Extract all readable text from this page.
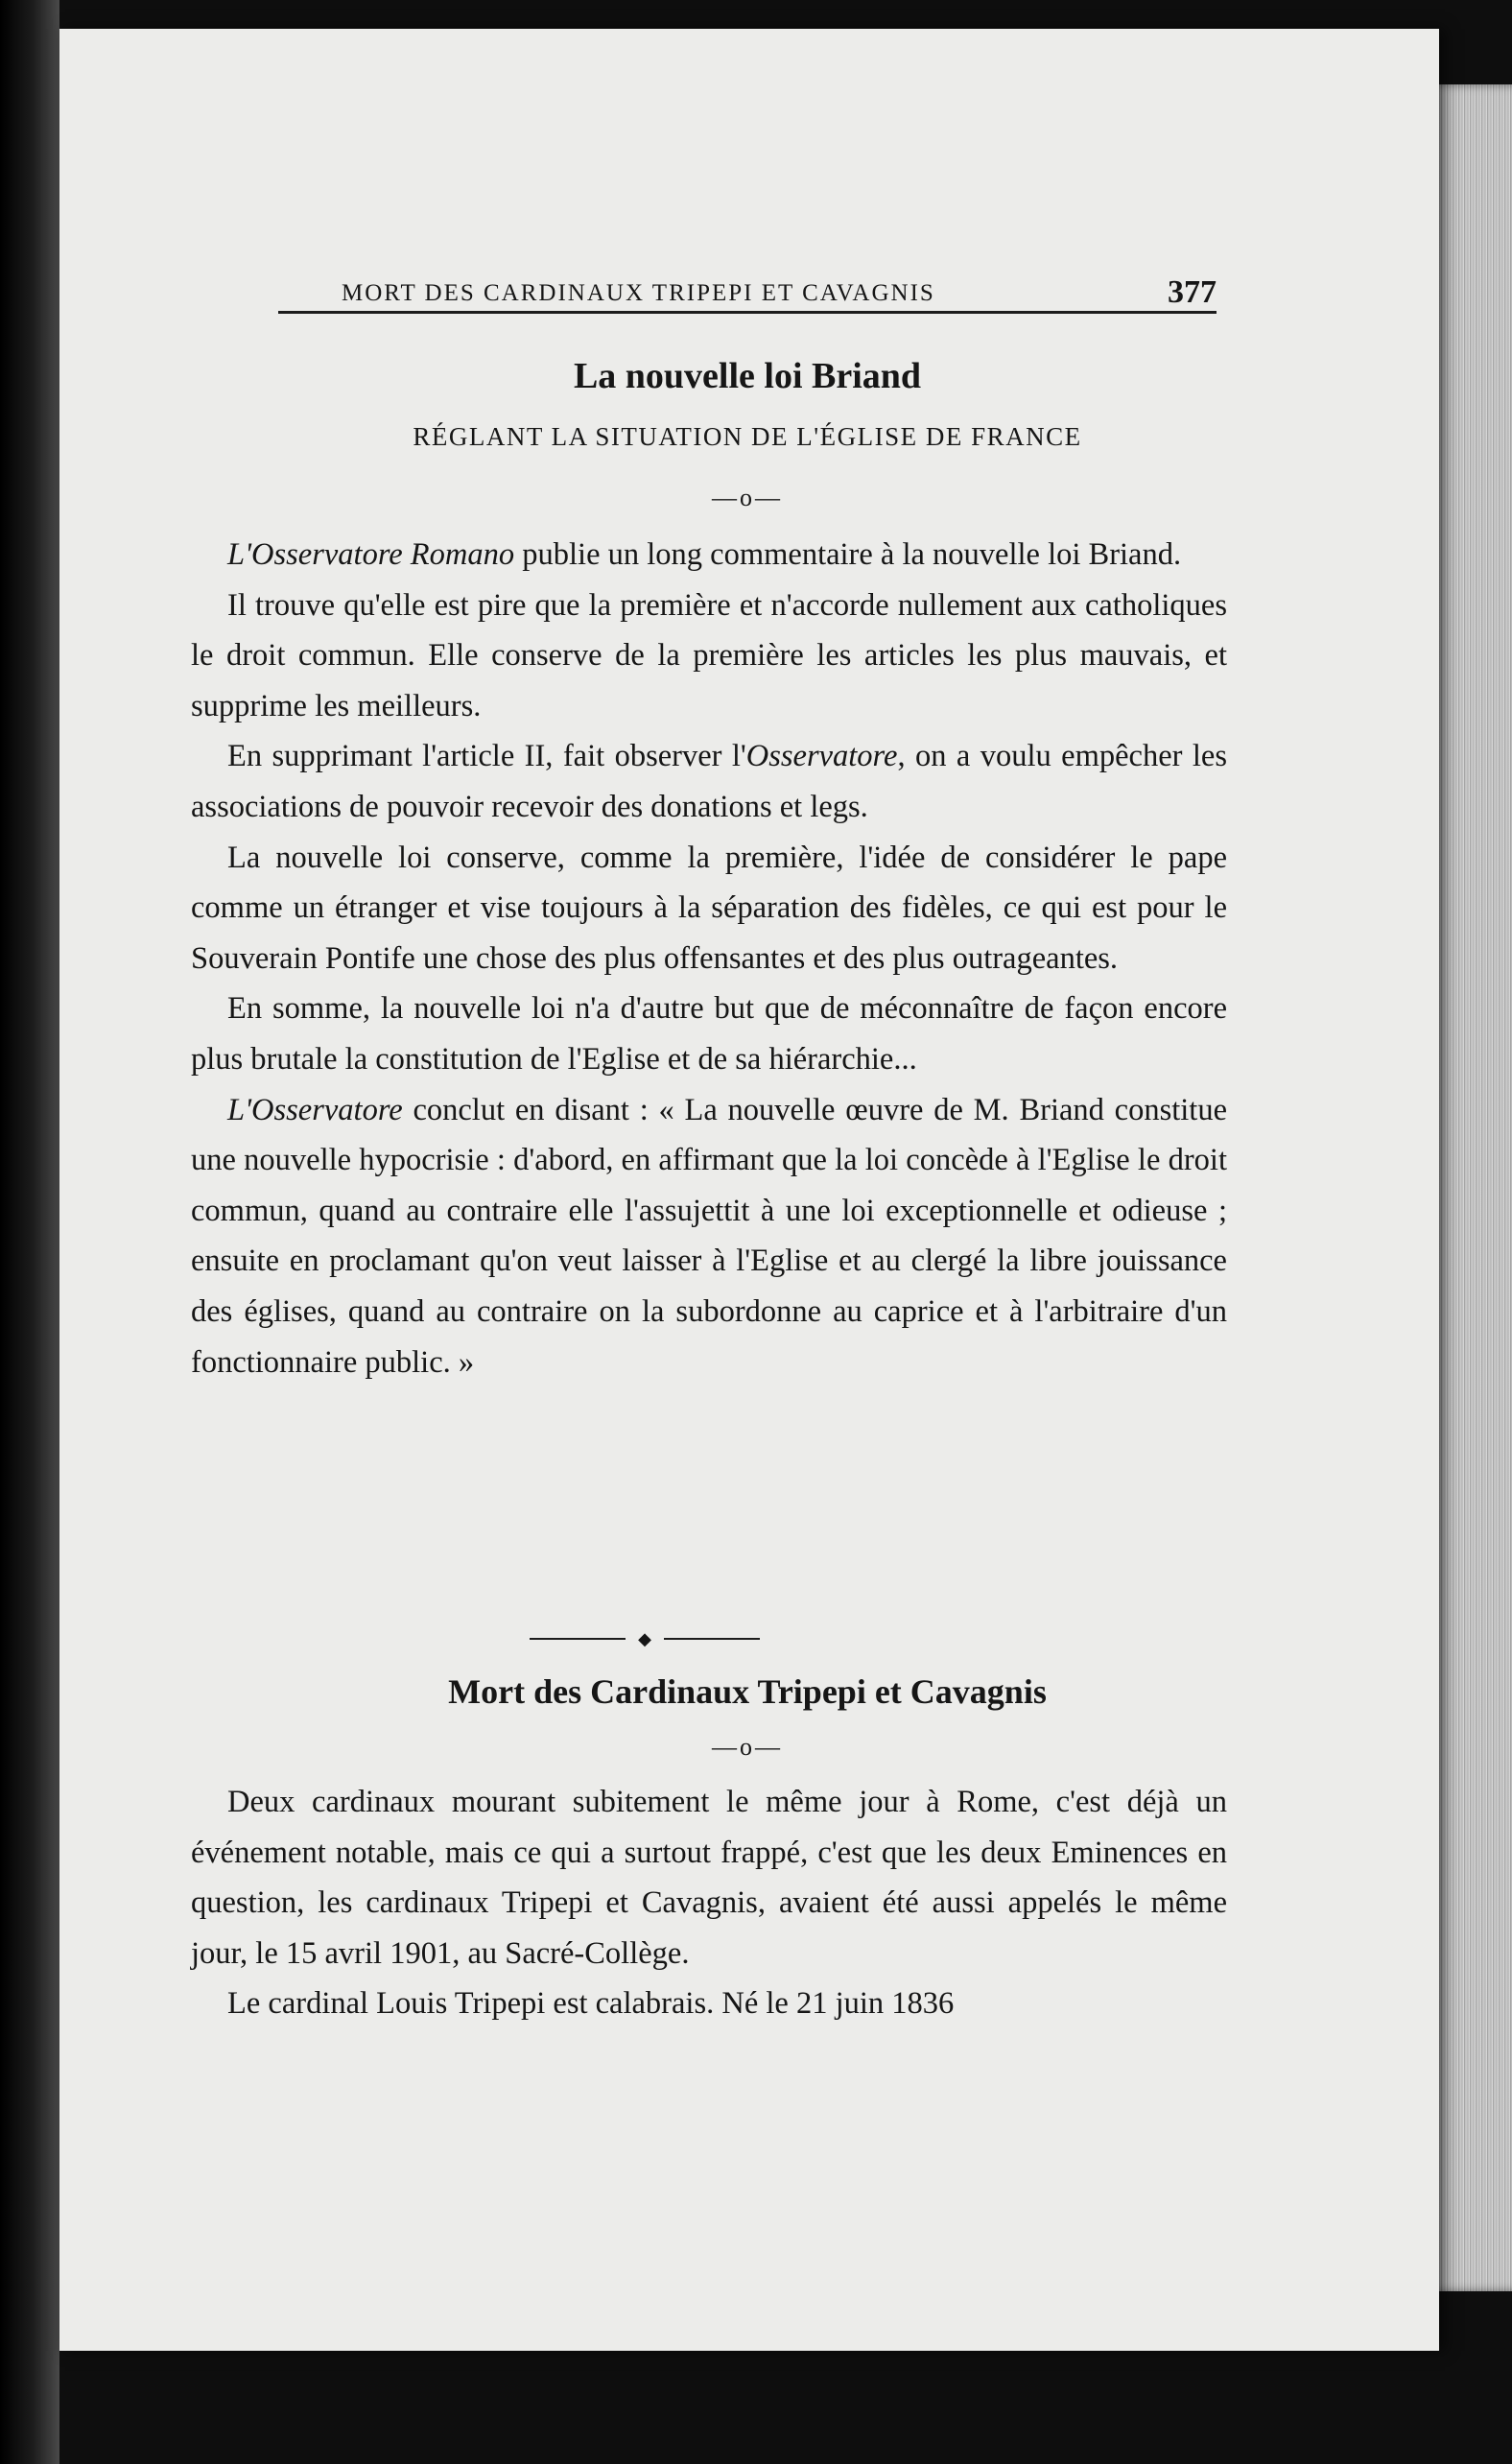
MORT DES CARDINAUX TRIPEPI ET CAVAGNIS	377
La nouvelle loi Briand
RÉGLANT LA SITUATION DE L'ÉGLISE DE FRANCE
—o—

L'Osservatore Romano publie un long commentaire à la nouvelle loi Briand.

Il trouve qu'elle est pire que la première et n'accorde nullement aux catholiques le droit commun. Elle conserve de la première les articles les plus mauvais, et supprime les meilleurs.

En supprimant l'article II, fait observer l'Osservatore, on a voulu empêcher les associations de pouvoir recevoir des donations et legs.

La nouvelle loi conserve, comme la première, l'idée de considérer le pape comme un étranger et vise toujours à la séparation des fidèles, ce qui est pour le Souverain Pontife une chose des plus offensantes et des plus outrageantes.

En somme, la nouvelle loi n'a d'autre but que de méconnaître de façon encore plus brutale la constitution de l'Eglise et de sa hiérarchie...

L'Osservatore conclut en disant : « La nouvelle œuvre de M. Briand constitue une nouvelle hypocrisie : d'abord, en affirmant que la loi concède à l'Eglise le droit commun, quand au contraire elle l'assujettit à une loi exceptionnelle et odieuse ; ensuite en proclamant qu'on veut laisser à l'Eglise et au clergé la libre jouissance des églises, quand au contraire on la subordonne au caprice et à l'arbitraire d'un fonctionnaire public. »

◆
Mort des Cardinaux Tripepi et Cavagnis
—o—

Deux cardinaux mourant subitement le même jour à Rome, c'est déjà un événement notable, mais ce qui a surtout frappé, c'est que les deux Eminences en question, les cardinaux Tripepi et Cavagnis, avaient été aussi appelés le même jour, le 15 avril 1901, au Sacré-Collège.

Le cardinal Louis Tripepi est calabrais. Né le 21 juin 1836
